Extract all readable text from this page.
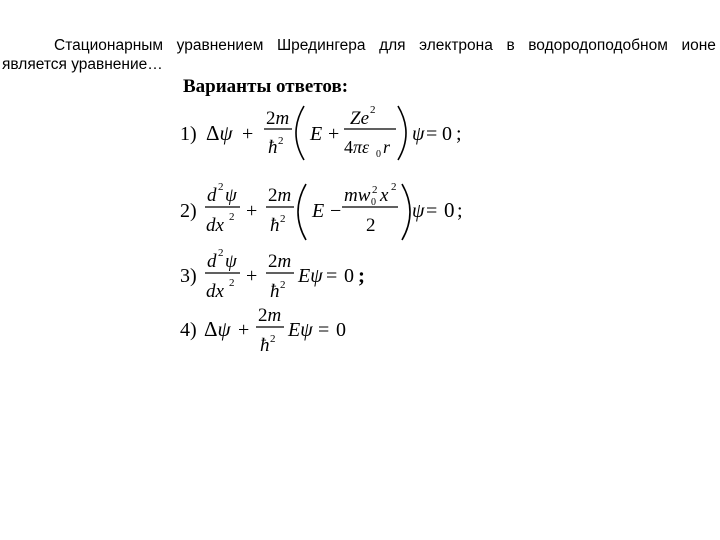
Стационарным уравнением Шредингера для электрона в водородоподобном ионе
является уравнение…
Варианты ответов:
1) Δψ +
2m
ħ 2 E +
Ze 2
4πε 0 r
ψ = 0 ;
2)
d 2 ψ
dx 2 +
2m
ħ 2 E −
mw 2
0 x 2
2
ψ = 0 ;
3)
d 2 ψ
dx 2 +
2m
ħ 2 Eψ = 0 ;
4) Δψ +
2m
ħ 2 Eψ = 0
